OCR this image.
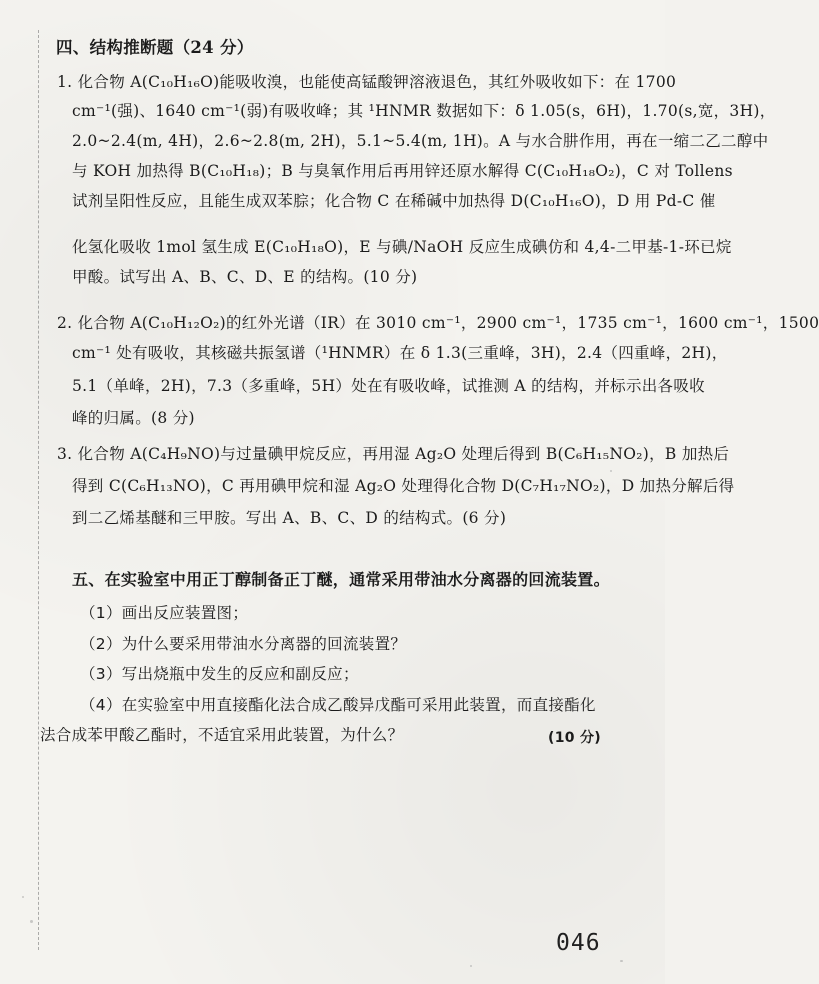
四、结构推断题（24 分）
1. 化合物 A(C₁₀H₁₆O)能吸收溴，也能使高锰酸钾溶液退色，其红外吸收如下：在 1700
cm⁻¹(强)、1640 cm⁻¹(弱)有吸收峰；其 ¹HNMR 数据如下：δ 1.05(s，6H)，1.70(s,宽，3H)，
2.0~2.4(m, 4H)，2.6~2.8(m, 2H)，5.1~5.4(m, 1H)。A 与水合肼作用，再在一缩二乙二醇中
与 KOH 加热得 B(C₁₀H₁₈)；B 与臭氧作用后再用锌还原水解得 C(C₁₀H₁₈O₂)，C 对 Tollens
试剂呈阳性反应，且能生成双苯腙；化合物 C 在稀碱中加热得 D(C₁₀H₁₆O)，D 用 Pd-C 催
化氢化吸收 1mol 氢生成 E(C₁₀H₁₈O)，E 与碘/NaOH 反应生成碘仿和 4,4-二甲基-1-环已烷
甲酸。试写出 A、B、C、D、E 的结构。(10 分)
2. 化合物 A(C₁₀H₁₂O₂)的红外光谱（IR）在 3010 cm⁻¹，2900 cm⁻¹，1735 cm⁻¹，1600 cm⁻¹，1500
cm⁻¹ 处有吸收，其核磁共振氢谱（¹HNMR）在 δ 1.3(三重峰，3H)，2.4（四重峰，2H)，
5.1（单峰，2H)，7.3（多重峰，5H）处在有吸收峰，试推测 A 的结构，并标示出各吸收
峰的归属。(8 分)
3. 化合物 A(C₄H₉NO)与过量碘甲烷反应，再用湿 Ag₂O 处理后得到 B(C₆H₁₅NO₂)，B 加热后
得到 C(C₆H₁₃NO)，C 再用碘甲烷和湿 Ag₂O 处理得化合物 D(C₇H₁₇NO₂)，D 加热分解后得
到二乙烯基醚和三甲胺。写出 A、B、C、D 的结构式。(6 分)
五、在实验室中用正丁醇制备正丁醚，通常采用带油水分离器的回流装置。
（1）画出反应装置图；
（2）为什么要采用带油水分离器的回流装置？
（3）写出烧瓶中发生的反应和副反应；
（4）在实验室中用直接酯化法合成乙酸异戊酯可采用此装置，而直接酯化
法合成苯甲酸乙酯时，不适宜采用此装置，为什么？	(10 分)
046
